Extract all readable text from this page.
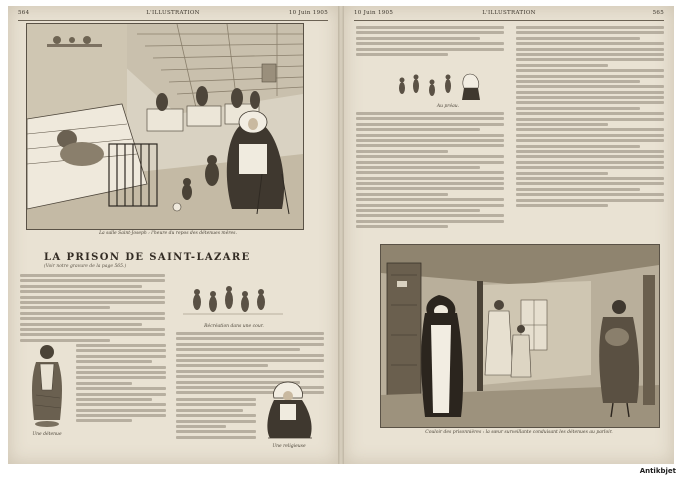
564	L'ILLUSTRATION	10 Juin 1905
La salle Saint-Joseph : l'heure du repos des détenues mères.
LA PRISON DE SAINT-LAZARE
(Voir notre gravure de la page 565.)
Une détenue
Récréation dans une cour.
Une religieuse
10 Juin 1905	L'ILLUSTRATION	565
Au préau.
Couloir des prisonnières : la sœur surveillante conduisant les détenues au parloir.
Antikbjet
